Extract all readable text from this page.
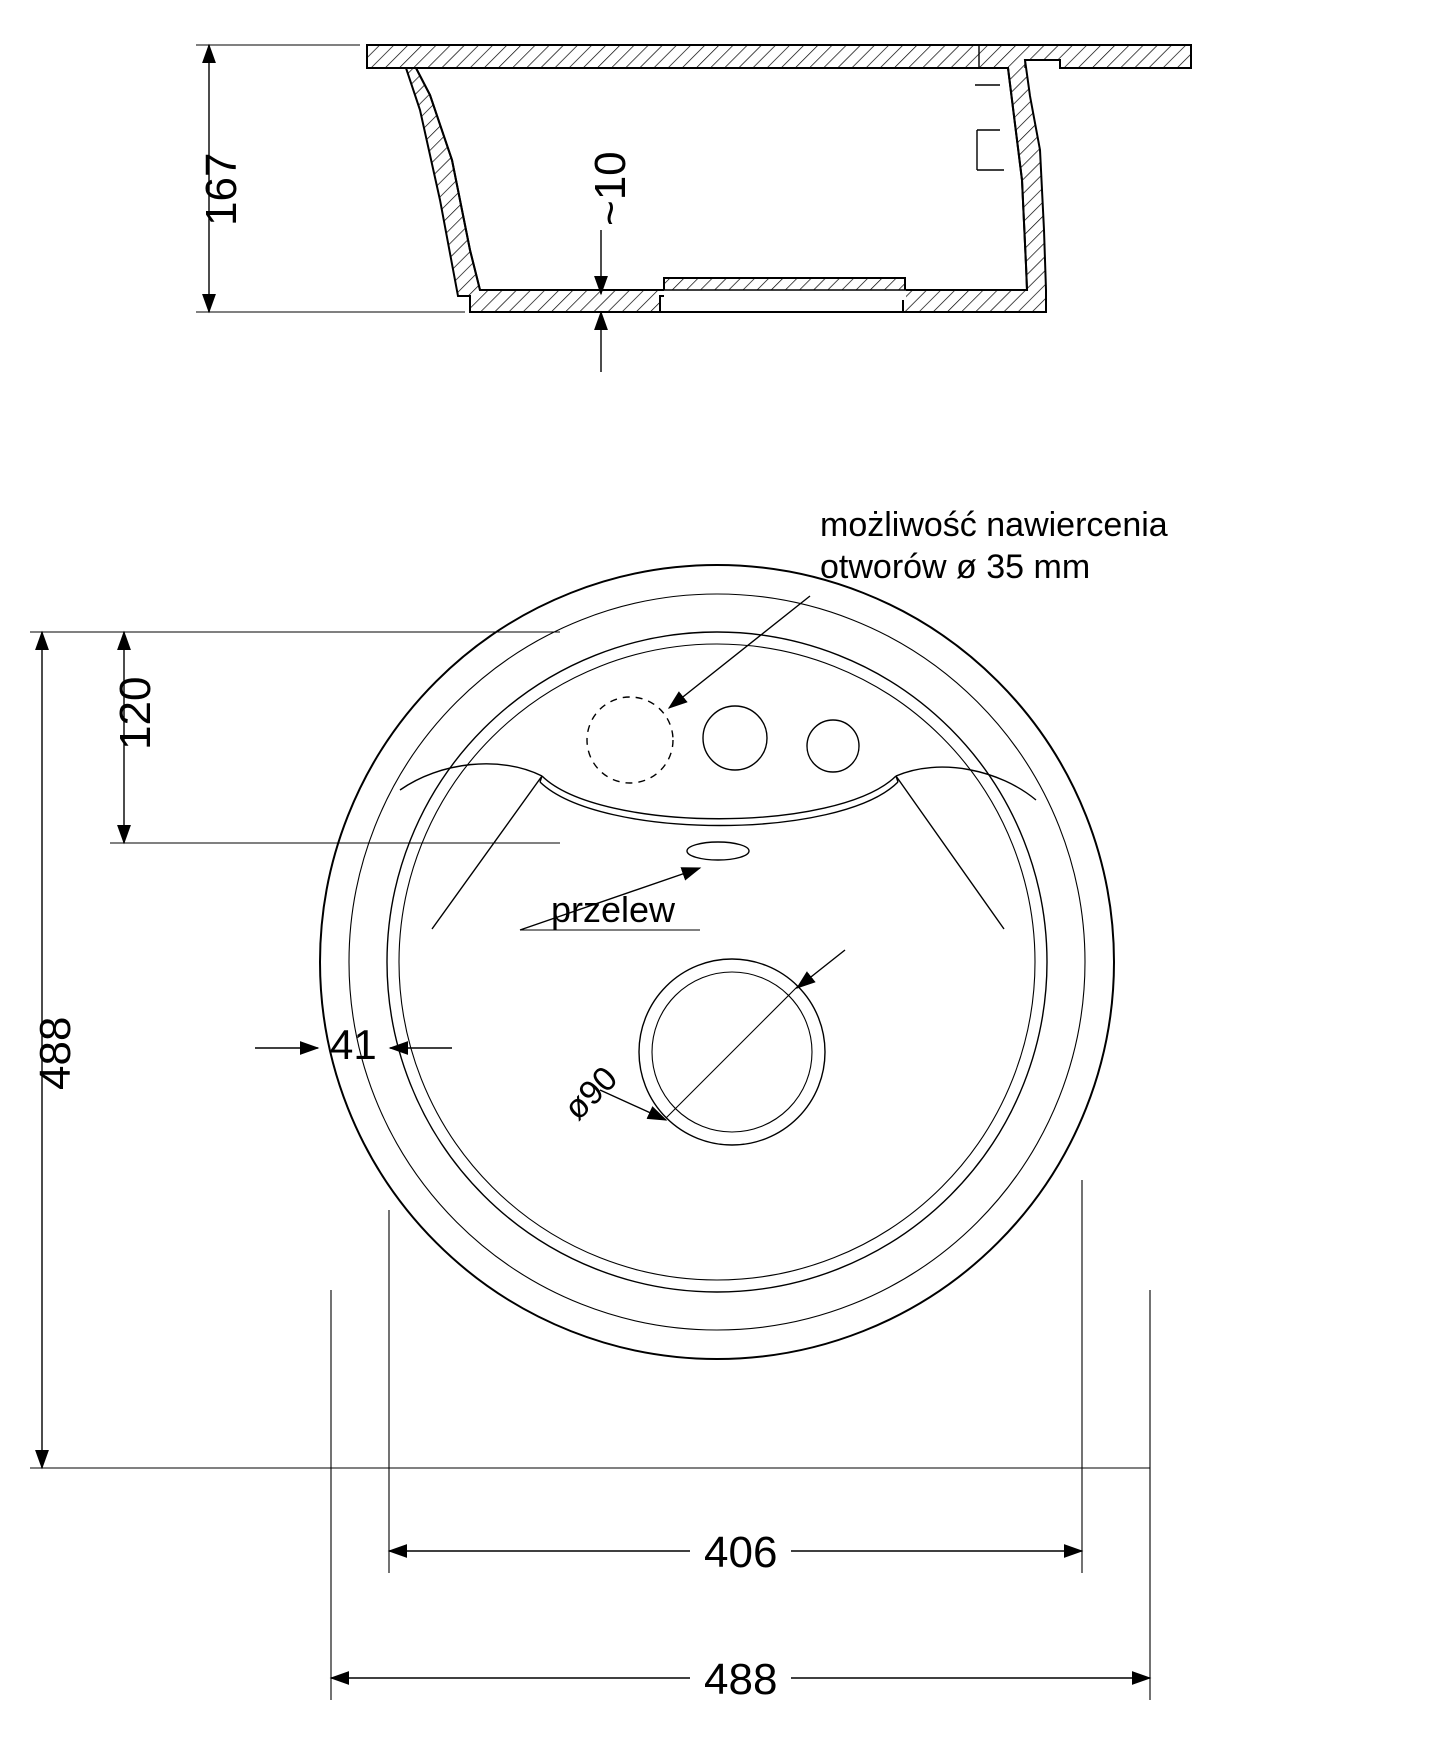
167	~10
możliwość nawiercenia
otworów ø 35 mm
120
488
przelew
41
ø90
406
488
